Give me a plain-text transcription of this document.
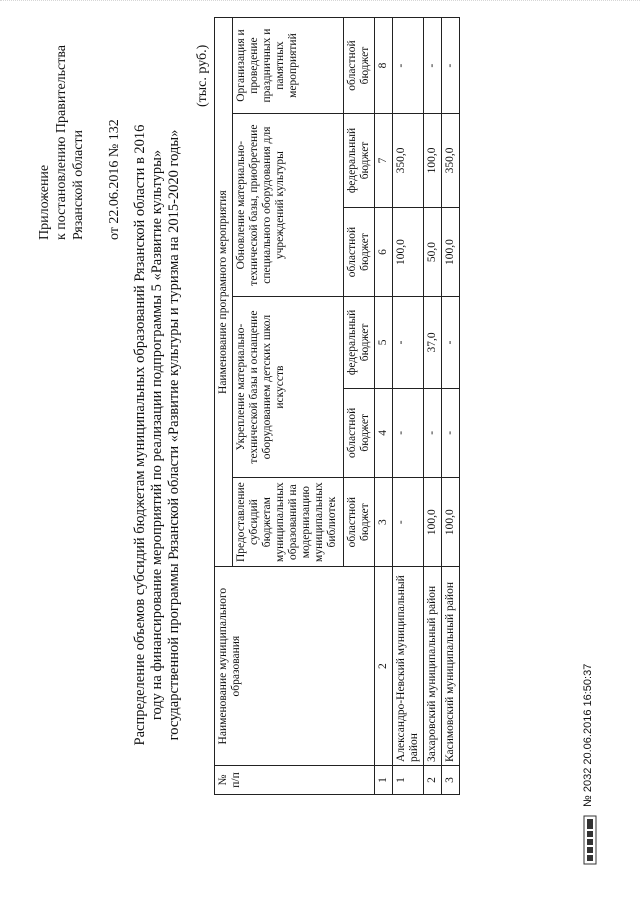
Приложение к постановлению Правительства Рязанской области от 22.06.2016 № 132 Распределение объемов субсидий бюджетам муниципальных образований Рязанской области в 2016 году на финансирование мероприятий по реализации подпрограммы 5 «Развитие культуры» государственной программы Рязанской области «Развитие культуры и туризма на 2015-2020 годы»
(тыс. руб.)
№ п/п	Наименование муниципального образования	Наименование програмного мероприятия					
		Предоставление субсидий бюджетам муниципальных образований на модернизацию муниципальных библиотек	Укрепление материально-технической базы и оснащение оборудованием детских школ искусств		Обновление материально-технической базы, приобретение специального оборудования для учреждений культуры		Организация и проведение праздничных и памятных мероприятий
		областной бюджет	областной бюджет	федеральный бюджет	областной бюджет	федеральный бюджет	областной бюджет
1	2	3	4	5	6	7	8
1	Александро-Невский муниципальный район	-	-	-	100,0	350,0	-
2	Захаровский муниципальный район	100,0	-	37,0	50,0	100,0	-
3	Касимовский муниципальный район	100,0	-	-	100,0	350,0	-
№ 2032 20.06.2016 16:50:37
